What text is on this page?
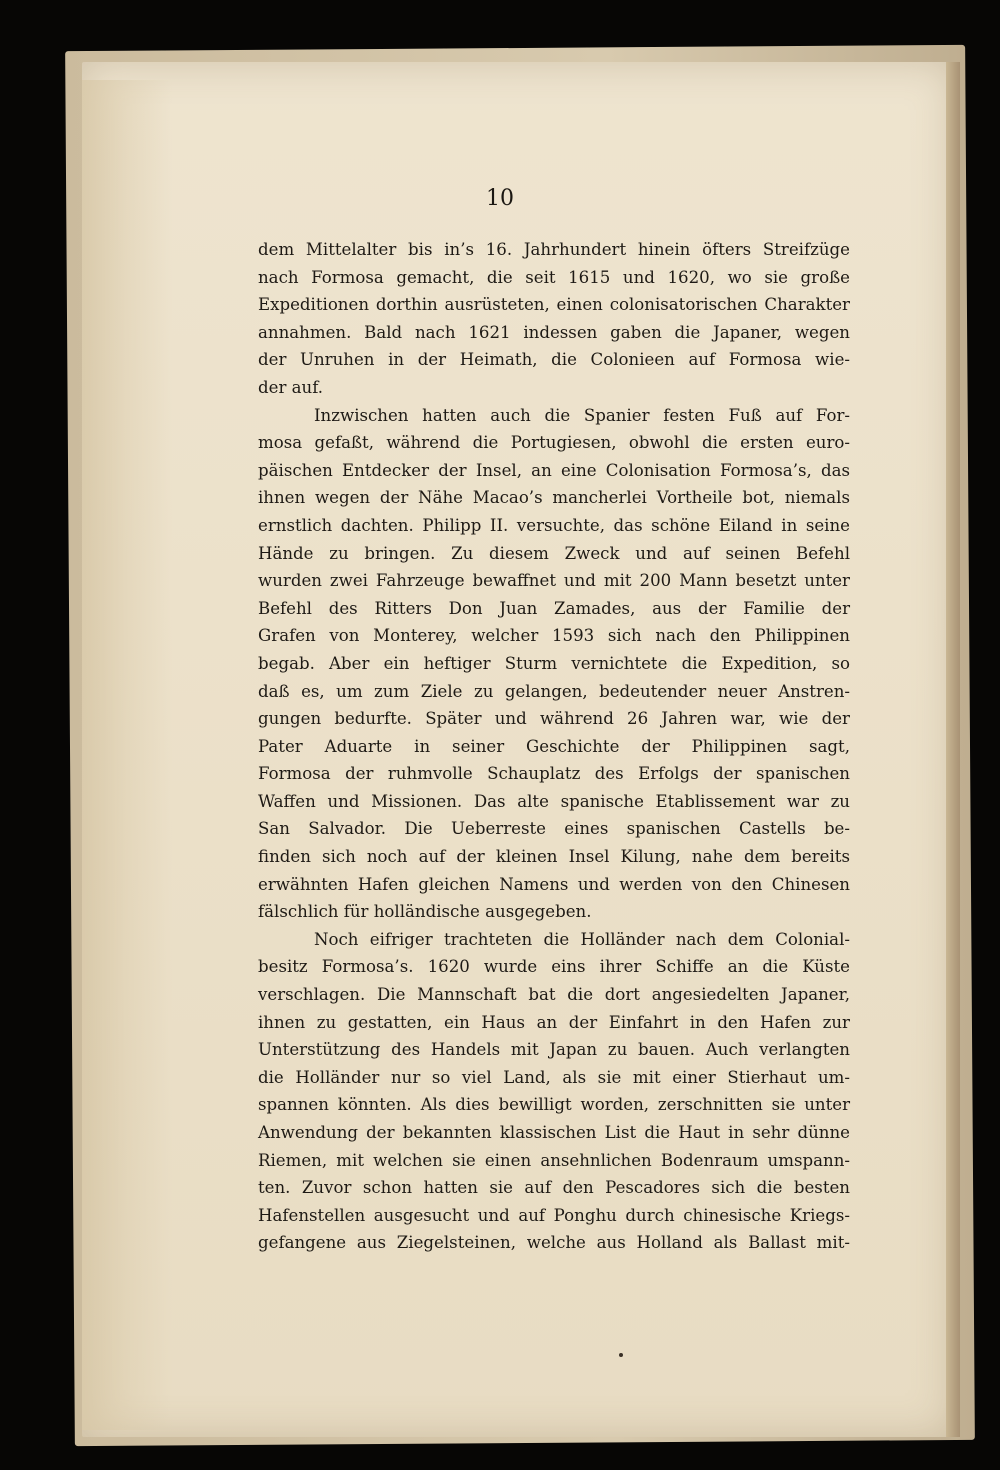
10
dem Mittelalter bis in’s 16. Jahrhundert hinein öfters Streifzüge
nach Formosa gemacht, die seit 1615 und 1620, wo sie große
Expeditionen dorthin ausrüsteten, einen colonisatorischen Charakter
annahmen. Bald nach 1621 indessen gaben die Japaner, wegen
der Unruhen in der Heimath, die Colonieen auf Formosa wie-
der auf.
Inzwischen hatten auch die Spanier festen Fuß auf For-
mosa gefaßt, während die Portugiesen, obwohl die ersten euro-
päischen Entdecker der Insel, an eine Colonisation Formosa’s, das
ihnen wegen der Nähe Macao’s mancherlei Vortheile bot, niemals
ernstlich dachten. Philipp II. versuchte, das schöne Eiland in seine
Hände zu bringen. Zu diesem Zweck und auf seinen Befehl
wurden zwei Fahrzeuge bewaffnet und mit 200 Mann besetzt unter
Befehl des Ritters Don Juan Zamades, aus der Familie der
Grafen von Monterey, welcher 1593 sich nach den Philippinen
begab. Aber ein heftiger Sturm vernichtete die Expedition, so
daß es, um zum Ziele zu gelangen, bedeutender neuer Anstren-
gungen bedurfte. Später und während 26 Jahren war, wie der
Pater Aduarte in seiner Geschichte der Philippinen sagt,
Formosa der ruhmvolle Schauplatz des Erfolgs der spanischen
Waffen und Missionen. Das alte spanische Etablissement war zu
San Salvador. Die Ueberreste eines spanischen Castells be-
finden sich noch auf der kleinen Insel Kilung, nahe dem bereits
erwähnten Hafen gleichen Namens und werden von den Chinesen
fälschlich für holländische ausgegeben.
Noch eifriger trachteten die Holländer nach dem Colonial-
besitz Formosa’s. 1620 wurde eins ihrer Schiffe an die Küste
verschlagen. Die Mannschaft bat die dort angesiedelten Japaner,
ihnen zu gestatten, ein Haus an der Einfahrt in den Hafen zur
Unterstützung des Handels mit Japan zu bauen. Auch verlangten
die Holländer nur so viel Land, als sie mit einer Stierhaut um-
spannen könnten. Als dies bewilligt worden, zerschnitten sie unter
Anwendung der bekannten klassischen List die Haut in sehr dünne
Riemen, mit welchen sie einen ansehnlichen Bodenraum umspann-
ten. Zuvor schon hatten sie auf den Pescadores sich die besten
Hafenstellen ausgesucht und auf Ponghu durch chinesische Kriegs-
gefangene aus Ziegelsteinen, welche aus Holland als Ballast mit-
